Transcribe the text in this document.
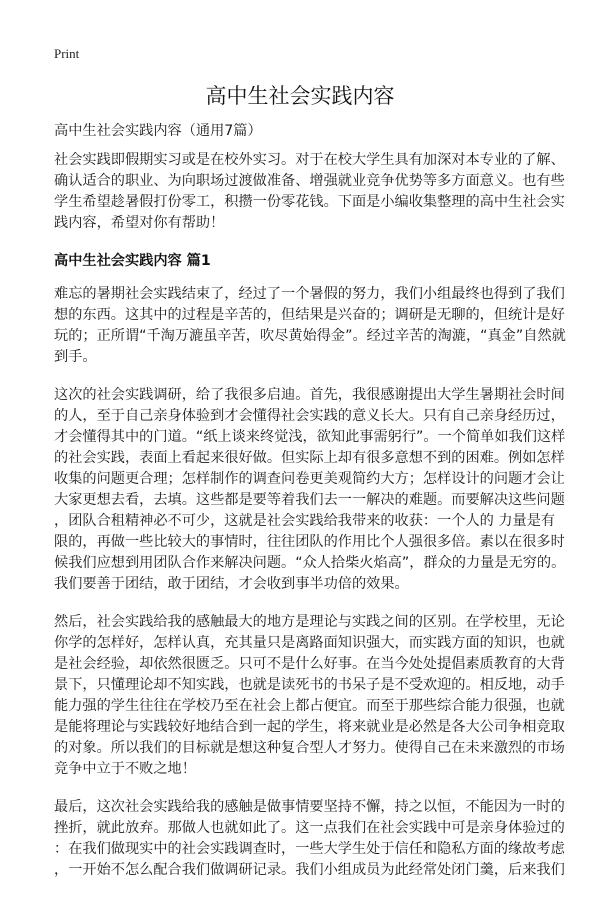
Print
高中生社会实践内容
高中生社会实践内容（通用7篇）

社会实践即假期实习或是在校外实习。对于在校大学生具有加深对本专业的了解、
确认适合的职业、为向职场过渡做准备、增强就业竞争优势等多方面意义。也有些
学生希望趁暑假打份零工，积攒一份零花钱。下面是小编收集整理的高中生社会实
践内容，希望对你有帮助！

高中生社会实践内容 篇1

难忘的暑期社会实践结束了，经过了一个暑假的努力，我们小组最终也得到了我们
想的东西。这其中的过程是辛苦的，但结果是兴奋的；调研是无聊的，但统计是好
玩的；正所谓“千淘万漉虽辛苦，吹尽黄始得金”。经过辛苦的淘漉，“真金”自然就
到手。

这次的社会实践调研，给了我很多启迪。首先，我很感谢提出大学生暑期社会时间
的人，至于自己亲身体验到才会懂得社会实践的意义长大。只有自己亲身经历过，
才会懂得其中的门道。“纸上谈来终觉浅，欲知此事需躬行”。一个简单如我们这样
的社会实践，表面上看起来很好做。但实际上却有很多意想不到的困难。例如怎样
收集的问题更合理；怎样制作的调查问卷更美观简约大方；怎样设计的问题才会让
大家更想去看，去填。这些都是要等着我们去一一解决的难题。而要解决这些问题
，团队合租精神必不可少，这就是社会实践给我带来的收获：一个人的 力量是有
限的，再做一些比较大的事情时，往往团队的作用比个人强很多倍。素以在很多时
候我们应想到用团队合作来解决问题。“众人拾柴火焰高”，群众的力量是无穷的。
我们要善于团结，敢于团结，才会收到事半功倍的效果。

然后，社会实践给我的感触最大的地方是理论与实践之间的区别。在学校里，无论
你学的怎样好，怎样认真，充其量只是离路面知识强大，而实践方面的知识，也就
是社会经验，却依然很匮乏。只可不是什么好事。在当今处处提倡素质教育的大背
景下，只懂理论却不知实践，也就是读死书的书呆子是不受欢迎的。相反地，动手
能力强的学生往往在学校乃至在社会上都占便宜。而至于那些综合能力很强，也就
是能将理论与实践较好地结合到一起的学生，将来就业是必然是各大公司争相竞取
的对象。所以我们的目标就是想这种复合型人才努力。使得自己在未来激烈的市场
竞争中立于不败之地！

最后，这次社会实践给我的感触是做事情要坚持不懈，持之以恒，不能因为一时的
挫折，就此放弃。那做人也就如此了。这一点我们在社会实践中可是亲身体验过的
：在我们做现实中的社会实践调查时，一些大学生处于信任和隐私方面的缘故考虑
，一开始不怎么配合我们做调研记录。我们小组成员为此经常处闭门羹，后来我们
